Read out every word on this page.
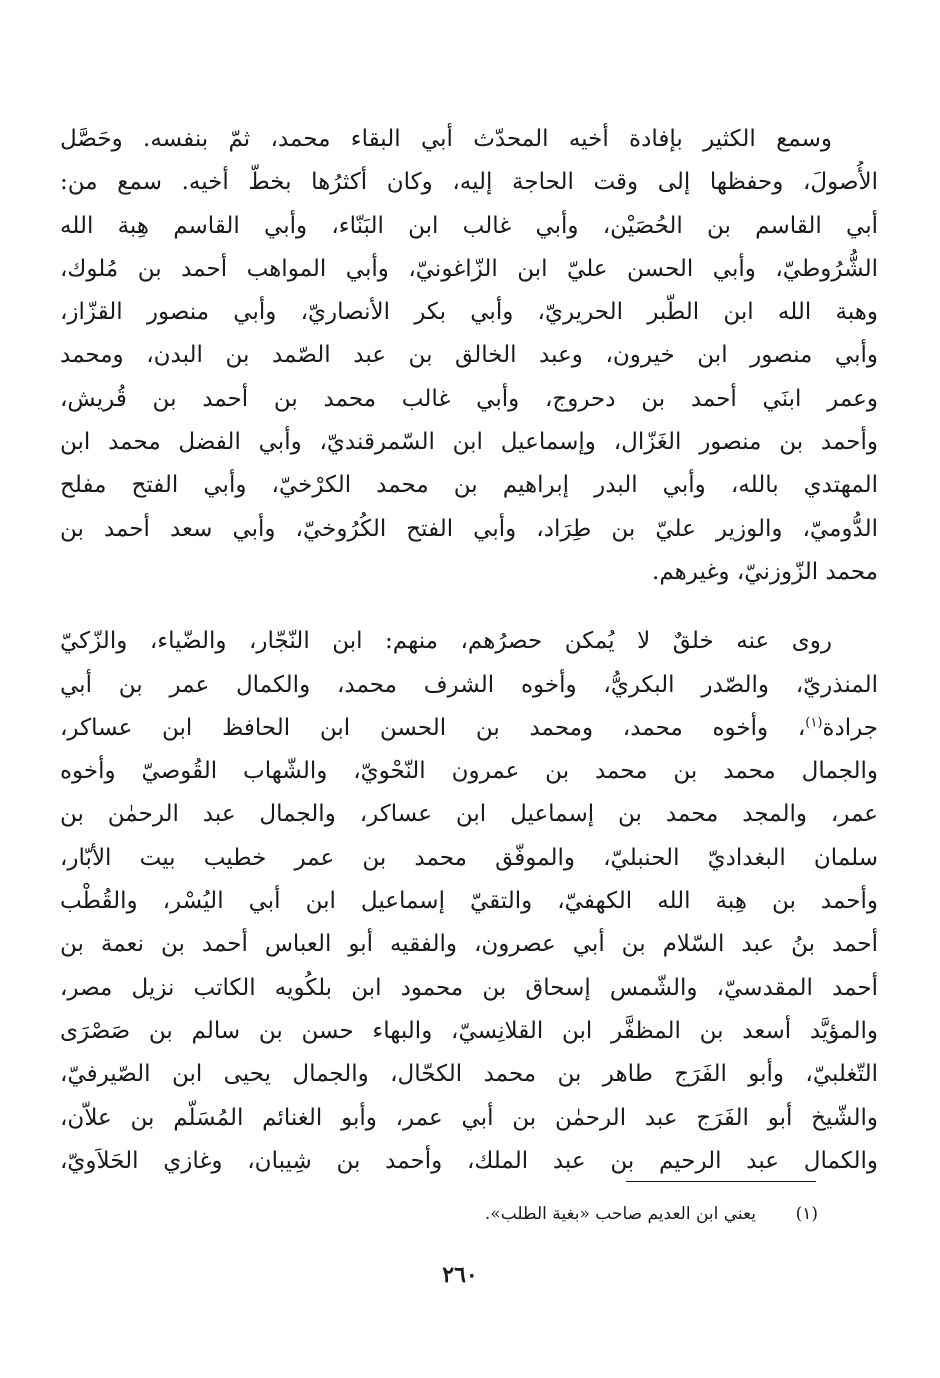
وسمع الكثير بإفادة أخيه المحدّث أبي البقاء محمد، ثمّ بنفسه. وحَصَّل
الأُصولَ، وحفظها إلى وقت الحاجة إليه، وكان أكثرُها بخطّ أخيه. سمع من:
أبي القاسم بن الحُصَيْن، وأبي غالب ابن البَنّاء، وأبي القاسم هِبة الله
الشُّرُوطيّ، وأبي الحسن عليّ ابن الزّاغونيّ، وأبي المواهب أحمد بن مُلوك،
وهبة الله ابن الطّبر الحريريّ، وأبي بكر الأنصاريّ، وأبي منصور القزّاز،
وأبي منصور ابن خيرون، وعبد الخالق بن عبد الصّمد بن البدن، ومحمد
وعمر ابنَي أحمد بن دحروج، وأبي غالب محمد بن أحمد بن قُريش،
وأحمد بن منصور الغَزّال، وإسماعيل ابن السّمرقنديّ، وأبي الفضل محمد ابن
المهتدي بالله، وأبي البدر إبراهيم بن محمد الكرْخيّ، وأبي الفتح مفلح
الدُّوميّ، والوزير عليّ بن طِرَاد، وأبي الفتح الكُرُوخيّ، وأبي سعد أحمد بن
محمد الزّوزنيّ، وغيرهم.
روى عنه خلقٌ لا يُمكن حصرُهم، منهم: ابن النّجّار، والضّياء، والزّكيّ
المنذريّ، والصّدر البكريُّ، وأخوه الشرف محمد، والكمال عمر بن أبي
جرادة$^{(١)}$، وأخوه محمد، ومحمد بن الحسن ابن الحافظ ابن عساكر،
والجمال محمد بن محمد بن عمرون النّحْويّ، والشّهاب القُوصيّ وأخوه
عمر، والمجد محمد بن إسماعيل ابن عساكر، والجمال عبد الرحمٰن بن
سلمان البغداديّ الحنبليّ، والموفّق محمد بن عمر خطيب بيت الأبّار،
وأحمد بن هِبة الله الكهفيّ، والتقيّ إسماعيل ابن أبي اليُسْر، والقُطْب
أحمد بنُ عبد السّلام بن أبي عصرون، والفقيه أبو العباس أحمد بن نعمة بن
أحمد المقدسيّ، والشّمس إسحاق بن محمود ابن بلكُويه الكاتب نزيل مصر،
والمؤيَّد أسعد بن المظفَّر ابن القلانِسيّ، والبهاء حسن بن سالم بن صَصْرَى
التّغلبيّ، وأبو الفَرَج طاهر بن محمد الكحّال، والجمال يحيى ابن الصّيرفيّ،
والشّيخ أبو الفَرَج عبد الرحمٰن بن أبي عمر، وأبو الغنائم المُسَلّم بن علاّن،
والكمال عبد الرحيم بن عبد الملك، وأحمد بن شِيبان، وغازي الحَلاَويّ،
(١)يعني ابن العديم صاحب «بغية الطلب».
٢٦٠
